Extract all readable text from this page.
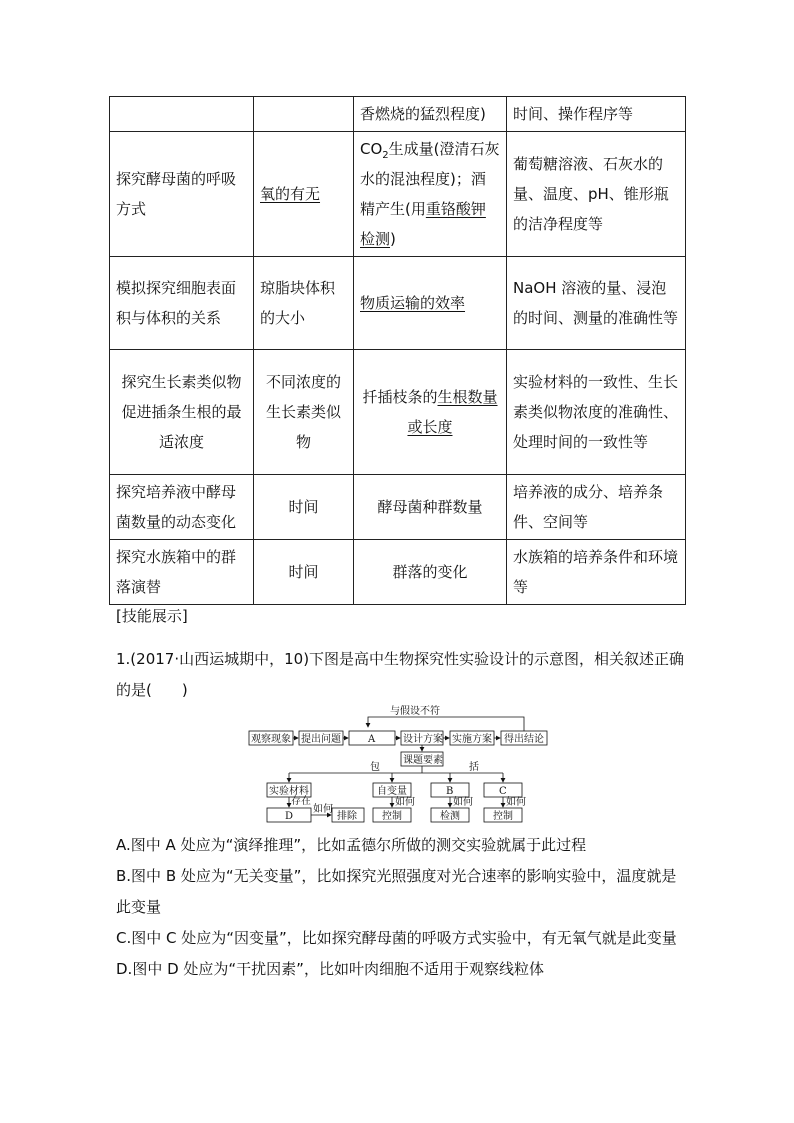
		香燃烧的猛烈程度)	时间、操作程序等
探究酵母菌的呼吸方式	氧的有无	$CO_2$生成量(澄清石灰水的混浊程度)；酒精产生(用重铬酸钾检测)	葡萄糖溶液、石灰水的量、温度、pH、锥形瓶的洁净程度等
模拟探究细胞表面积与体积的关系	琼脂块体积的大小	物质运输的效率	NaOH 溶液的量、浸泡的时间、测量的准确性等
探究生长素类似物促进插条生根的最适浓度	不同浓度的生长素类似物	扦插枝条的生根数量或长度	实验材料的一致性、生长素类似物浓度的准确性、处理时间的一致性等
探究培养液中酵母菌数量的动态变化	时间	酵母菌种群数量	培养液的成分、培养条件、空间等
探究水族箱中的群落演替	时间	群落的变化	水族箱的培养条件和环境等
[技能展示]
1.(2017·山西运城期中，10)下图是高中生物探究性实验设计的示意图，相关叙述正确的是(　　)
与假设不符
观察现象 提出问题	A	设计方案 实施方案 得出结论
课题要素
包	括
实验材料	自变量	B	C
存在
如何
如何	如何	如何
D	排除	控制	检测	控制
A.图中 A 处应为“演绎推理”，比如孟德尔所做的测交实验就属于此过程
B.图中 B 处应为“无关变量”，比如探究光照强度对光合速率的影响实验中，温度就是此变量
C.图中 C 处应为“因变量”，比如探究酵母菌的呼吸方式实验中，有无氧气就是此变量
D.图中 D 处应为“干扰因素”，比如叶肉细胞不适用于观察线粒体
